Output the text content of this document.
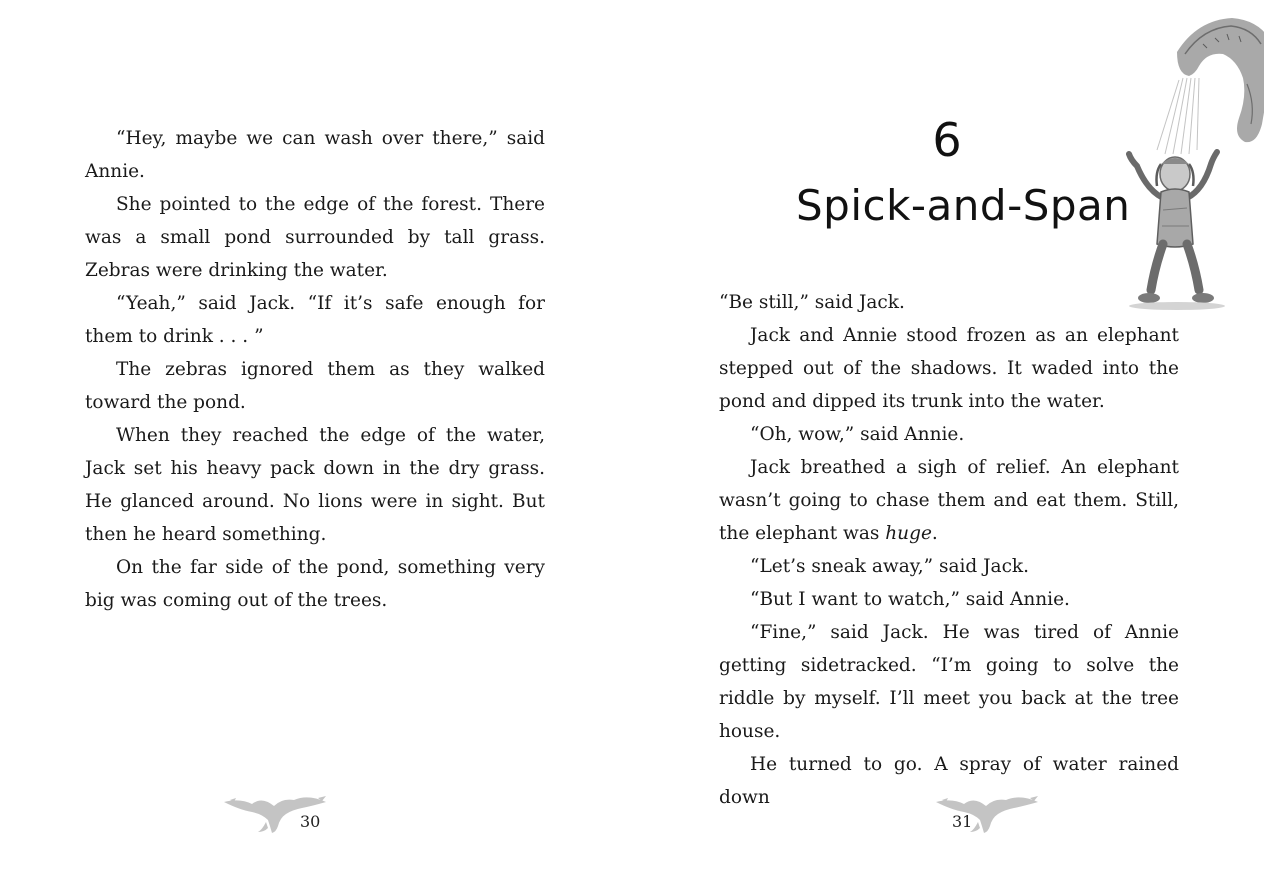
“Hey, maybe we can wash over there,” said Annie.

She pointed to the edge of the forest. There was a small pond surrounded by tall grass. Zebras were drinking the water.

“Yeah,” said Jack. “If it’s safe enough for them to drink . . . ”

The zebras ignored them as they walked toward the pond.

When they reached the edge of the water, Jack set his heavy pack down in the dry grass. He glanced around. No lions were in sight. But then he heard something.

On the far side of the pond, something very big was coming out of the trees.

30
6
Spick-and-Span

“Be still,” said Jack.

Jack and Annie stood frozen as an elephant stepped out of the shadows. It waded into the pond and dipped its trunk into the water.

“Oh, wow,” said Annie.

Jack breathed a sigh of relief. An elephant wasn’t going to chase them and eat them. Still, the elephant was huge.

“Let’s sneak away,” said Jack.

“But I want to watch,” said Annie.

“Fine,” said Jack. He was tired of Annie getting sidetracked. “I’m going to solve the riddle by myself. I’ll meet you back at the tree house.

He turned to go. A spray of water rained down

31
